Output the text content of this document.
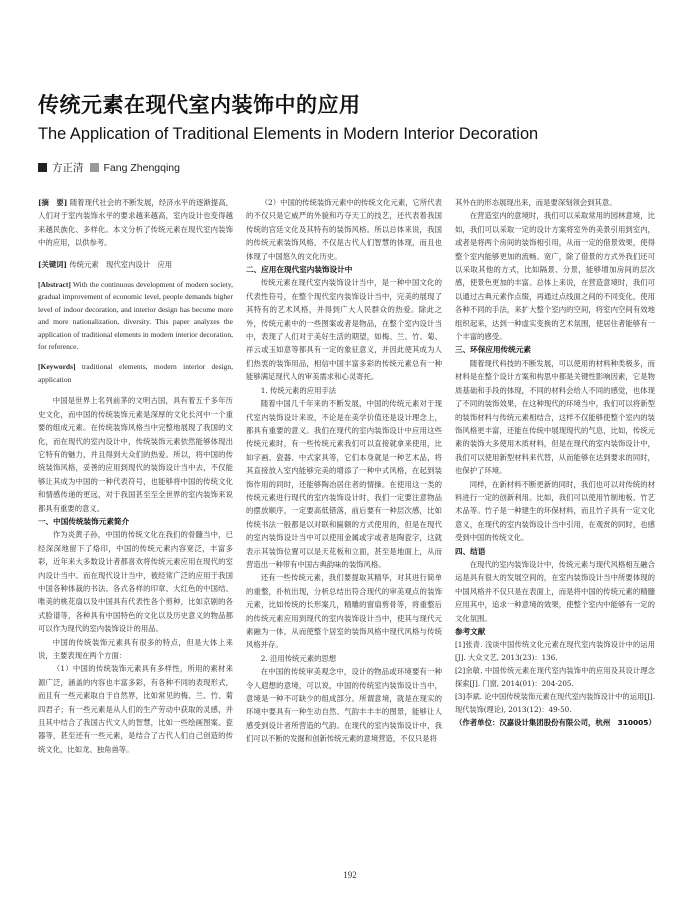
传统元素在现代室内装饰中的应用
The Application of Traditional Elements in Modern Interior Decoration
方正清 Fang Zhengqing

[摘　要] 随着现代社会的不断发展，经济水平的逐渐提高，人们对于室内装饰水平的要求越来越高，室内设计也变得越来越民族化、多样化。本文分析了传统元素在现代室内装饰中的应用，以供参考。

[关键词] 传统元素　现代室内设计　应用

[Abstract] With the continuous development of modern society, gradual improvement of economic level, people demands higher level of indoor decoration, and interior design has become more and more nationalization, diversity. This paper analyzes the application of traditional elements in modern interior decoration, for reference.

[Keywords] traditional elements, modern interior design, application

中国是世界上名列前茅的文明古国，具有着五千多年历史文化，而中国的传统装饰元素是深厚的文化长河中一个重要的组成元素。在传统装饰风格当中完整地展现了我国的文化，而在现代的室内设计中，传统装饰元素依然能够体现出它特有的魅力，并且得到大众们的热爱。所以，将中国的传统装饰风格，妥善的应用到现代的装饰设计当中去，不仅能够让其成为中国的一种代表符号，也能够将中国的传统文化和情感传递的更远，对于我国甚至至全世界的室内装饰来说都具有重要的意义。

一、中国传统装饰元素简介

作为炎黄子孙，中国的传统文化在我们的骨髓当中，已经深深地留下了烙印，中国的传统元素内容宽泛，丰富多彩，近年来大多数设计者都喜欢将传统元素应用在现代的室内设计当中。而在现代设计当中，被经常广泛的应用于我国中国各种体裁的书法、各式各样的印章、大红色的中国结、唯美的桃花扇以及中国具有代表性各个剪种，比如京剧的各式脸谱等，各种具有中国特色的文化以及历史意义的物品都可以作为现代的室内装饰设计的用品。

中国的传统装饰元素具有很多的特点，但是大体上来说，主要表现在两个方面：

（1）中国的传统装饰元素具有多样性，所用的素材来源广泛，涵盖的内容也丰富多彩，有各种不同的表现形式，而且有一些元素取自于自然界，比如常见的梅、兰、竹、菊四君子；有一些元素是从人们的生产劳动中获取的灵感，并且其中结合了我国古代文人的智慧，比如一些绘画图案、瓷器等，甚至还有一些元素，是结合了古代人们自己创造的传统文化，比如龙、独角兽等。

（2）中国的传统装饰元素中的传统文化元素，它所代表的不仅只是它威严的外貌和巧夺天工的技艺，还代表着我国传统的宫廷文化及其特有的装饰风格。所以总体来说，我国的传统元素装饰风格，不仅是古代人们智慧的体现，而且也体现了中国悠久的文化历史。

二、应用在现代室内装饰设计中

传统元素在现代室内装饰设计当中，是一种中国文化的代表性符号，在整个现代室内装饰设计当中，完美的展现了其特有的艺术风格，并得到广大人民群众的热爱。除此之外，传统元素中的一些图案或者是物品，在整个室内设计当中，表现了人们对于美好生活的期望，如梅、兰、竹、菊、祥云或玉如意等都具有一定的象征意义，并因此使其成为人们热衷的装饰用品，相信中国丰富多彩的传统元素总有一种能够满足现代人的审美需求和心灵寄托。

1. 传统元素的应用手法

随着中国几千年来的不断发展，中国的传统元素对于现代室内装饰设计来说，不论是在美学价值还是设计理念上，都具有重要的意义。我们在现代的室内装饰设计中应用这些传统元素时，有一些传统元素我们可以直接就拿来使用，比如字画、瓷器、中式家具等，它们本身就是一种艺术品，将其直接放入室内能够完美的增添了一种中式风格，在起到装饰作用的同时，还能够陶冶居住者的情操。在使用这一类的传统元素进行现代的室内装饰设计时，我们一定要注意物品的摆放顺序，一定要高低错落，前后要有一种层次感，比如传统书法一般都是以对联和匾额的方式使用的，但是在现代的室内装饰设计当中可以使用金属或字或者是陶瓷字，这就表示其装饰位置可以是天花板和立面，甚至是地面上，从而营造出一种带有中国古典韵味的装饰风格。

还有一些传统元素，我们要提取其精华，对其进行简单的重整，扑杭出现，分析总结出符合现代的审美观点的装饰元素，比如传统的长形案几，精雕的窗扇剪骨等，将重整后的传统元素应用到现代的室内装饰设计当中，使其与现代元素融为一体，从而使整个居室的装饰风格中现代风格与传统风格并存。

2. 沿用传统元素的思想

在中国的传统审美观念中，设计的物品或环境要有一种令人遐想的意境，可以说，中国的传统室内装饰设计当中，意境是一种不可缺少的组成部分。所谓意境，就是在现实的环境中要具有一种生动自然、气韵丰丰丰的图景，能够让人感受到设计者所营造的气韵。在现代的室内装饰设计中，我们可以不断的发掘和创新传统元素的意境营造，不仅只是将

其外在的形态展现出来，而是要深刻领会到其意。

在营造室内的意境时，我们可以采取常用的园林意境，比如，我们可以采取一定的设计方案将室外的美景引用到室内，或者是将两个房间的装饰相引用，从而一定的借景效果，使得整个室内能够更加的流畅、宽广，除了借景的方式外我们还可以采取其他的方式，比如隔景、分景，能够增加房间的层次感，使景色更加的丰富。总体上来说，在营造意境时，我们可以通过古典元素作点缀，再通过点线面之间的不同变化，使用各种不同的手法，来扩大整个室内的空间，将室内空间有效地组织起来，达到一种虚实变换的艺术氛围，使居住者能够有一个丰富的感受。

三、环保应用传统元素

随着现代科技的不断发展，可以使用的材料种类极多，而材料是在整个设计方案和构思中都是关键性影响因素，它是物质基础和手段的体现，不同的材料会给人不同的感觉，也体现了不同的装饰效果，在这种现代的环境当中，我们可以将新型的装饰材料与传统元素相结合，这样不仅能够使整个室内的装饰风格更丰富，还能在传统中展现现代的气息，比如，传统元素的装饰大多使用木质材料，但是在现代的室内装饰设计中，我们可以使用新型材料来代替，从而能够在达到要求的同时，也保护了环境。

同样，在新材料不断更新的同时，我们也可以对传统的材料进行一定的创新利用。比如，我们可以使用竹制地板、竹艺术品等。竹子是一种建生的环保材料，而且竹子具有一定文化意义，在现代的室内装饰设计当中引用，在观赏的同时，也感受到中国的传统文化。

四、结语

在现代的室内装饰设计中，传统元素与现代风格相互融合运是具有很大的发展空间的，在室内装饰设计当中所要体现的中国风格并不仅只是在表面上，而是将中国的传统元素的精髓应用其中，追求一种意境的效果，使整个室内中能够有一定的文化氛围。

参考文献

[1]张青. 浅谈中国传统文化元素在现代室内装饰设计中的运用[J]. 大众文艺, 2013(23)：136.

[2]余敏. 中国传统元素在现代室内装饰中的应用及其设计理念探索[J]. 门窗, 2014(01)：204-205.

[3]李斌. 论中国传统装饰元素在现代室内装饰设计中的运用[J]. 现代装饰(理论), 2013(12)：49-50.

（作者单位：汉嘉设计集团股份有限公司，杭州　310005）
192
